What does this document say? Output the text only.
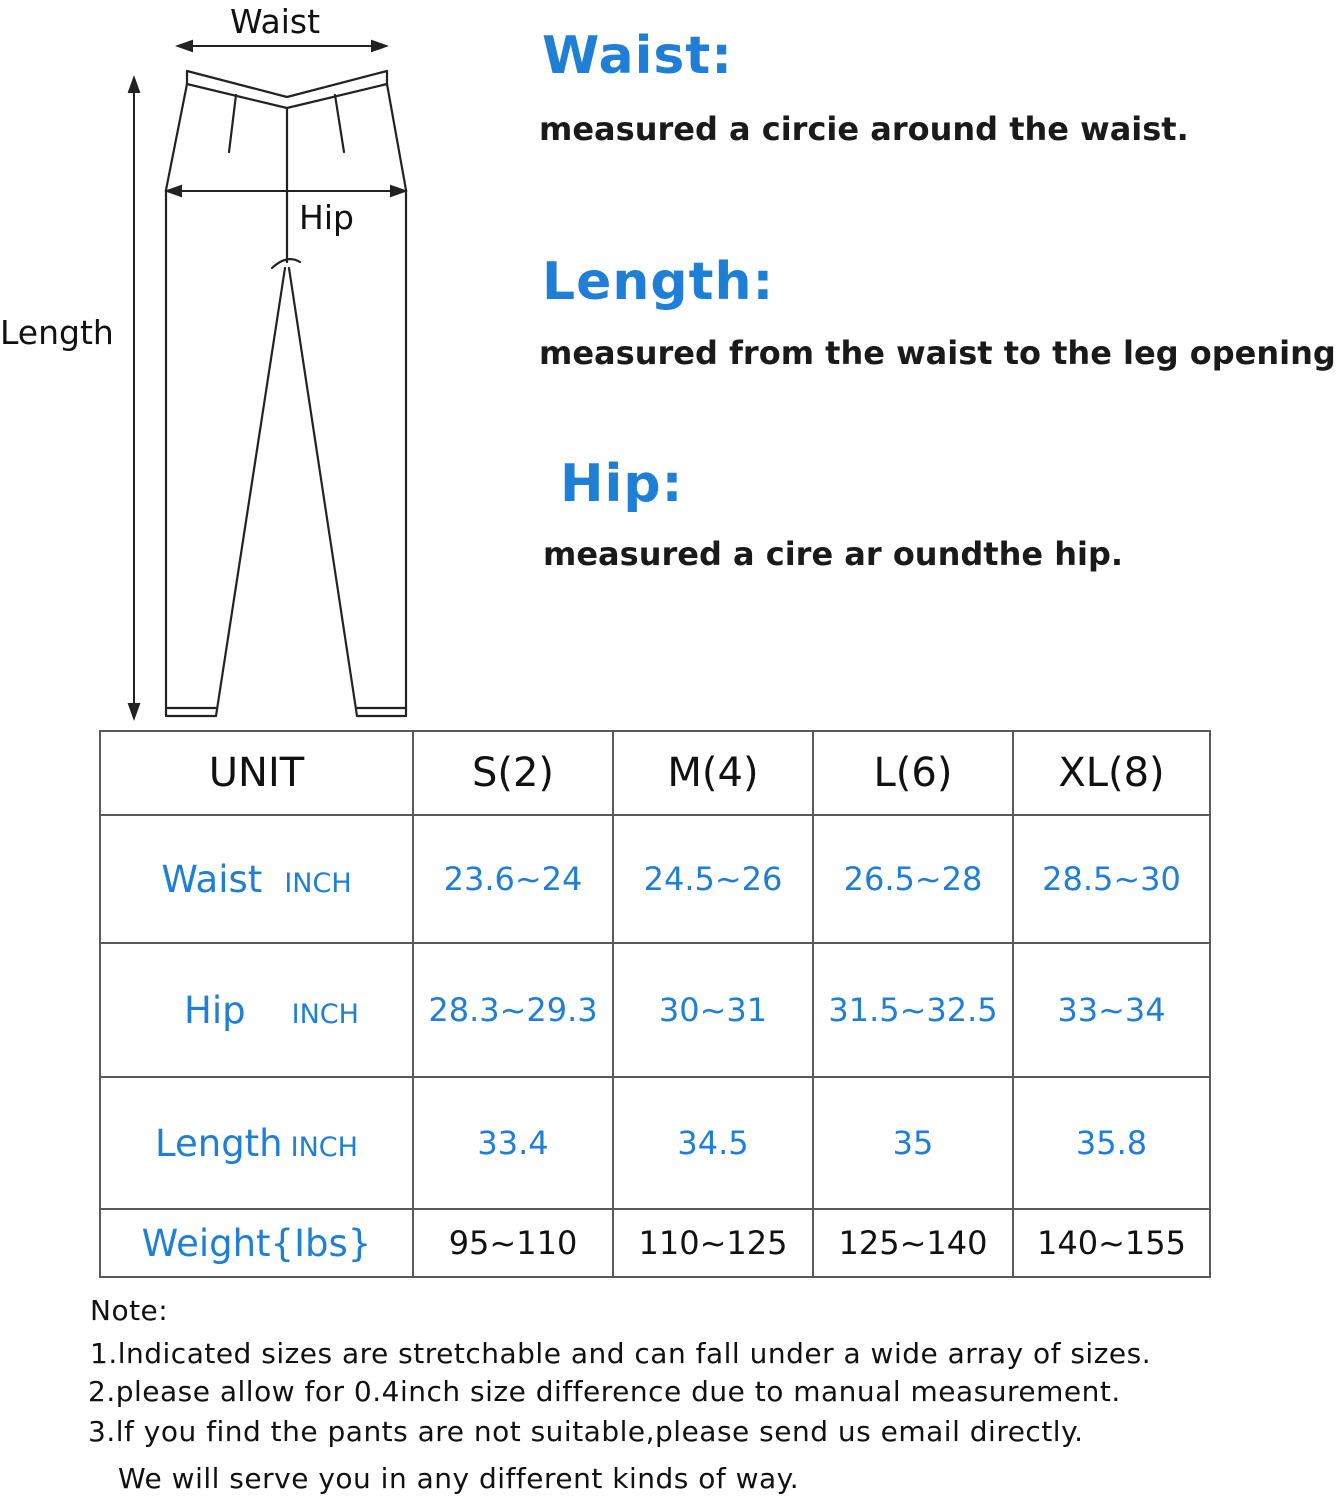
Waist
Hip
Length
Waist:
measured a circie around the waist.
Length:
measured from the waist to the leg opening
Hip:
measured a cire ar oundthe hip.
UNIT	S(2)	M(4)	L(6)	XL(8)
Waist INCH	23.6~24	24.5~26	26.5~28	28.5~30
Hip INCH	28.3~29.3	30~31	31.5~32.5	33~34
Length INCH	33.4	34.5	35	35.8
Weight{Ibs}	95~110	110~125	125~140	140~155
Note:
1.lndicated sizes are stretchable and can fall under a wide array of sizes.
2.please allow for 0.4inch size difference due to manual measurement.
3.lf you find the pants are not suitable,please send us email directly.
We will serve you in any different kinds of way.
